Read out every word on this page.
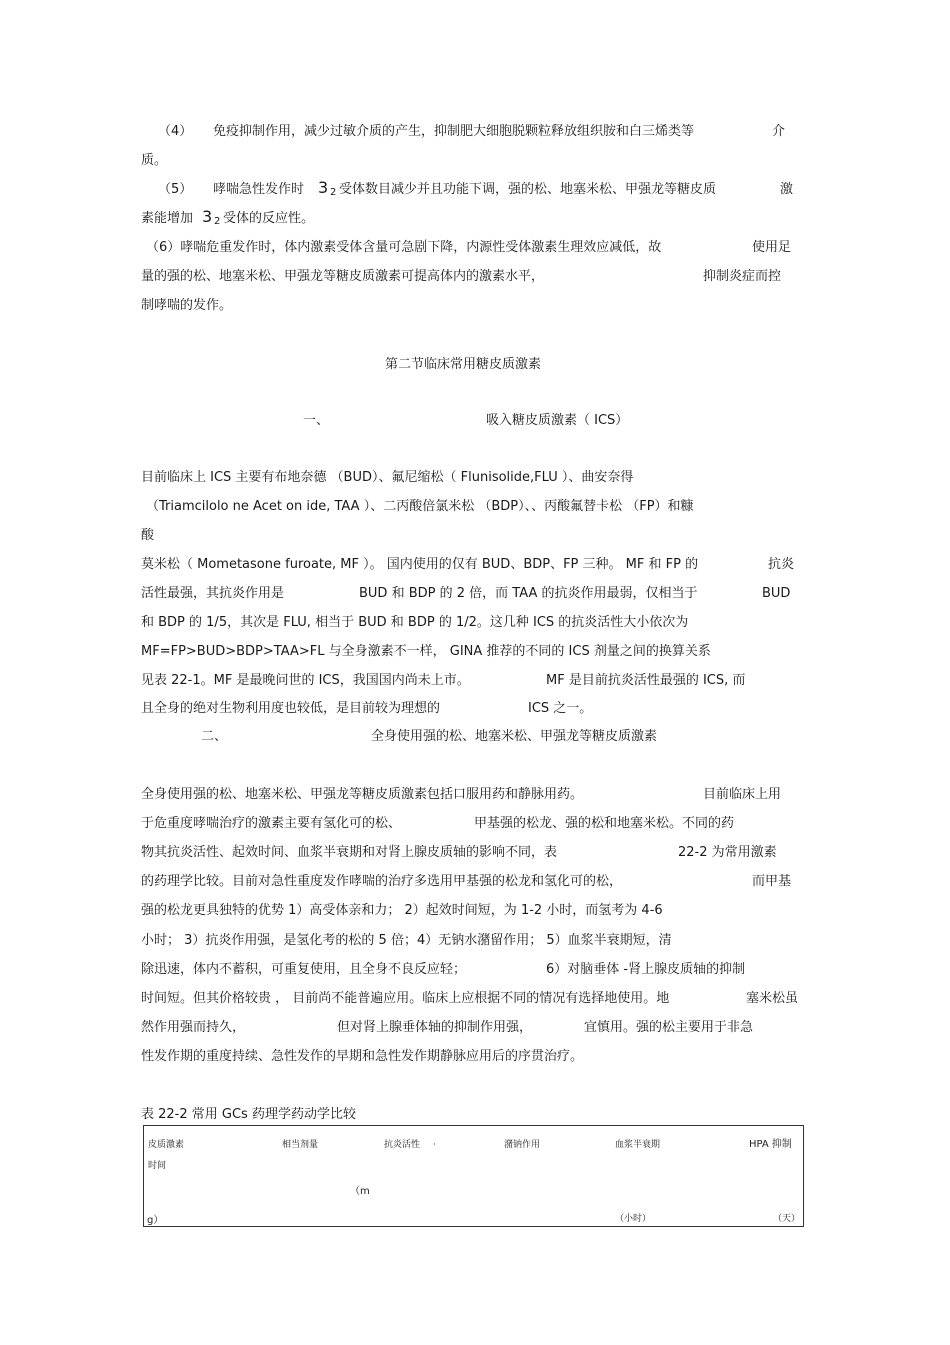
（4） 免疫抑制作用，减少过敏介质的产生，抑制肥大细胞脱颗粒释放组织胺和白三烯类等	介
质。
（5） 哮喘急性发作时 3 2 受体数目减少并且功能下调，强的松、地塞米松、甲强龙等糖皮质	激
素能增加 3 2 受体的反应性。
（6）哮喘危重发作时，体内激素受体含量可急剧下降，内源性受体激素生理效应减低，故	使用足
量的强的松、地塞米松、甲强龙等糖皮质激素可提高体内的激素水平，	抑制炎症而控
制哮喘的发作。
第二节临床常用糖皮质激素
一、	吸入糖皮质激素（ ICS）
目前临床上 ICS 主要有布地奈德 （BUD）、氟尼缩松（ Flunisolide,FLU ）、曲安奈得
（Triamcilolo ne Acet on ide, TAA ）、二丙酸倍氯米松 （BDP）、、丙酸氟替卡松 （FP）和糠
酸
莫米松（ Mometasone furoate, MF ）。 国内使用的仅有 BUD、BDP、FP 三种。 MF 和 FP 的	抗炎
活性最强，其抗炎作用是	BUD 和 BDP 的 2 倍，而 TAA 的抗炎作用最弱，仅相当于	BUD
和 BDP 的 1/5，其次是 FLU, 相当于 BUD 和 BDP 的 1/2。这几种 ICS 的抗炎活性大小依次为
MF=FP>BUD>BDP>TAA>FL 与全身激素不一样， GINA 推荐的不同的 ICS 剂量之间的换算关系
见表 22-1。MF 是最晚问世的 ICS，我国国内尚未上市。	MF 是目前抗炎活性最强的 ICS, 而
且全身的绝对生物利用度也较低，是目前较为理想的	ICS 之一。
二、	全身使用强的松、地塞米松、甲强龙等糖皮质激素
全身使用强的松、地塞米松、甲强龙等糖皮质激素包括口服用药和静脉用药。	目前临床上用
于危重度哮喘治疗的激素主要有氢化可的松、	甲基强的松龙、强的松和地塞米松。不同的药
物其抗炎活性、起效时间、血浆半衰期和对肾上腺皮质轴的影响不同，表	22-2 为常用激素
的药理学比较。目前对急性重度发作哮喘的治疗多选用甲基强的松龙和氢化可的松，	而甲基
强的松龙更具独特的优势 1）高受体亲和力； 2）起效时间短，为 1-2 小时，而氢考为 4-6
小时； 3）抗炎作用强，是氢化考的松的 5 倍；4）无钠水潴留作用； 5）血浆半衰期短，清
除迅速，体内不蓄积，可重复使用，且全身不良反应轻；	6）对脑垂体 -肾上腺皮质轴的抑制
时间短。但其价格较贵 ， 目前尚不能普遍应用。临床上应根据不同的情况有选择地使用。地	塞米松虽
然作用强而持久，	但对肾上腺垂体轴的抑制作用强，	宜慎用。强的松主要用于非急
性发作期的重度持续、急性发作的早期和急性发作期静脉应用后的序贯治疗。
表 22-2 常用 GCs 药理学药动学比较
皮质激素	相当剂量	抗炎活性 ·	潴钠作用	血浆半衰期	HPA 抑制
时间
（m
g）	（小时）	（天）
